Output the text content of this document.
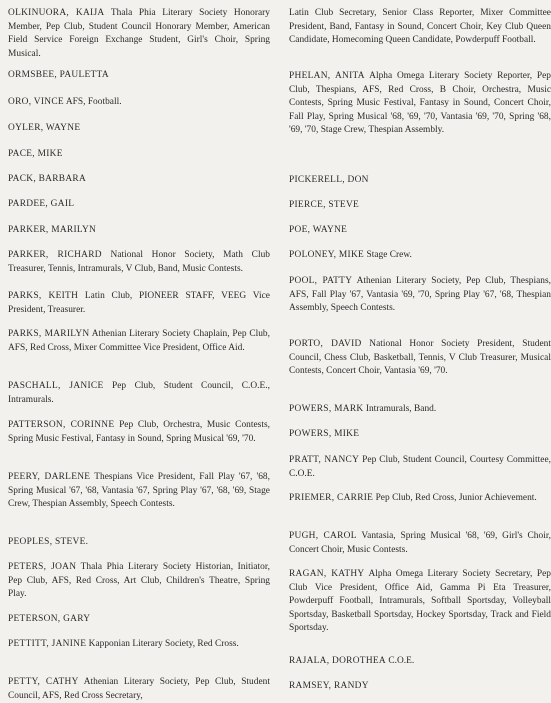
OLKINUORA, KAIJA Thala Phia Literary Society Honorary Member, Pep Club, Student Council Honorary Member, American Field Service Foreign Exchange Student, Girl's Choir, Spring Musical.
ORMSBEE, PAULETTA
ORO, VINCE AFS, Football.
OYLER, WAYNE
PACE, MIKE
PACK, BARBARA
PARDEE, GAIL
PARKER, MARILYN
PARKER, RICHARD National Honor Society, Math Club Treasurer, Tennis, Intramurals, V Club, Band, Music Contests.
PARKS, KEITH Latin Club, PIONEER STAFF, VEEG Vice President, Treasurer.
PARKS, MARILYN Athenian Literary Society Chaplain, Pep Club, AFS, Red Cross, Mixer Committee Vice President, Office Aid.
PASCHALL, JANICE Pep Club, Student Council, C.O.E., Intramurals.
PATTERSON, CORINNE Pep Club, Orchestra, Music Contests, Spring Music Festival, Fantasy in Sound, Spring Musical '69, '70.
PEERY, DARLENE Thespians Vice President, Fall Play '67, '68, Spring Musical '67, '68, Vantasia '67, Spring Play '67, '68, '69, Stage Crew, Thespian Assembly, Speech Contests.
PEOPLES, STEVE.
PETERS, JOAN Thala Phia Literary Society Historian, Initiator, Pep Club, AFS, Red Cross, Art Club, Children's Theatre, Spring Play.
PETERSON, GARY
PETTITT, JANINE Kapponian Literary Society, Red Cross.
PETTY, CATHY Athenian Literary Society, Pep Club, Student Council, AFS, Red Cross Secretary,
Latin Club Secretary, Senior Class Reporter, Mixer Committee President, Band, Fantasy in Sound, Concert Choir, Key Club Queen Candidate, Homecoming Queen Candidate, Powderpuff Football.
PHELAN, ANITA Alpha Omega Literary Society Reporter, Pep Club, Thespians, AFS, Red Cross, B Choir, Orchestra, Music Contests, Spring Music Festival, Fantasy in Sound, Concert Choir, Fall Play, Spring Musical '68, '69, '70, Vantasia '69, '70, Spring '68, '69, '70, Stage Crew, Thespian Assembly.
PICKERELL, DON
PIERCE, STEVE
POE, WAYNE
POLONEY, MIKE Stage Crew.
POOL, PATTY Athenian Literary Society, Pep Club, Thespians, AFS, Fall Play '67, Vantasia '69, '70, Spring Play '67, '68, Thespian Assembly, Speech Contests.
PORTO, DAVID National Honor Society President, Student Council, Chess Club, Basketball, Tennis, V Club Treasurer, Musical Contests, Concert Choir, Vantasia '69, '70.
POWERS, MARK Intramurals, Band.
POWERS, MIKE
PRATT, NANCY Pep Club, Student Council, Courtesy Committee, C.O.E.
PRIEMER, CARRIE Pep Club, Red Cross, Junior Achievement.
PUGH, CAROL Vantasia, Spring Musical '68, '69, Girl's Choir, Concert Choir, Music Contests.
RAGAN, KATHY Alpha Omega Literary Society Secretary, Pep Club Vice President, Office Aid, Gamma Pi Eta Treasurer, Powderpuff Football, Intramurals, Softball Sportsday, Volleyball Sportsday, Basketball Sportsday, Hockey Sportsday, Track and Field Sportsday.
RAJALA, DOROTHEA C.O.E.
RAMSEY, RANDY
